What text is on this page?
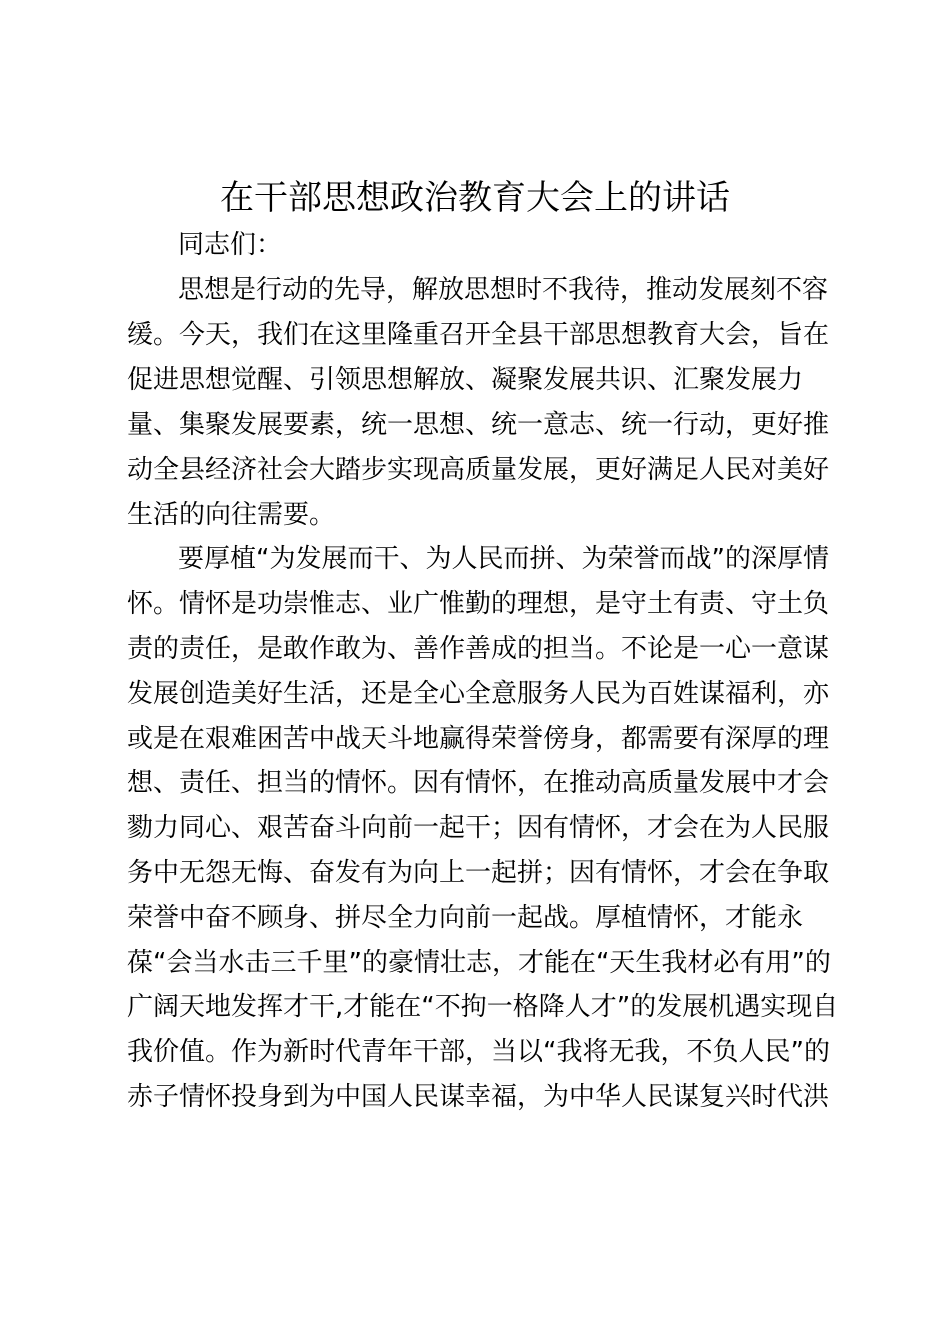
在干部思想政治教育大会上的讲话
同志们：
思想是行动的先导，解放思想时不我待，推动发展刻不容
缓。今天，我们在这里隆重召开全县干部思想教育大会，旨在
促进思想觉醒、引领思想解放、凝聚发展共识、汇聚发展力
量、集聚发展要素，统一思想、统一意志、统一行动，更好推
动全县经济社会大踏步实现高质量发展，更好满足人民对美好
生活的向往需要。
要厚植“为发展而干、为人民而拼、为荣誉而战”的深厚情
怀。情怀是功崇惟志、业广惟勤的理想，是守土有责、守土负
责的责任，是敢作敢为、善作善成的担当。不论是一心一意谋
发展创造美好生活，还是全心全意服务人民为百姓谋福利，亦
或是在艰难困苦中战天斗地赢得荣誉傍身，都需要有深厚的理
想、责任、担当的情怀。因有情怀，在推动高质量发展中才会
勠力同心、艰苦奋斗向前一起干；因有情怀，才会在为人民服
务中无怨无悔、奋发有为向上一起拼；因有情怀，才会在争取
荣誉中奋不顾身、拼尽全力向前一起战。厚植情怀，才能永
葆“会当水击三千里”的豪情壮志，才能在“天生我材必有用”的
广阔天地发挥才干,才能在“不拘一格降人才”的发展机遇实现自
我价值。作为新时代青年干部，当以“我将无我，不负人民”的
赤子情怀投身到为中国人民谋幸福，为中华人民谋复兴时代洪
